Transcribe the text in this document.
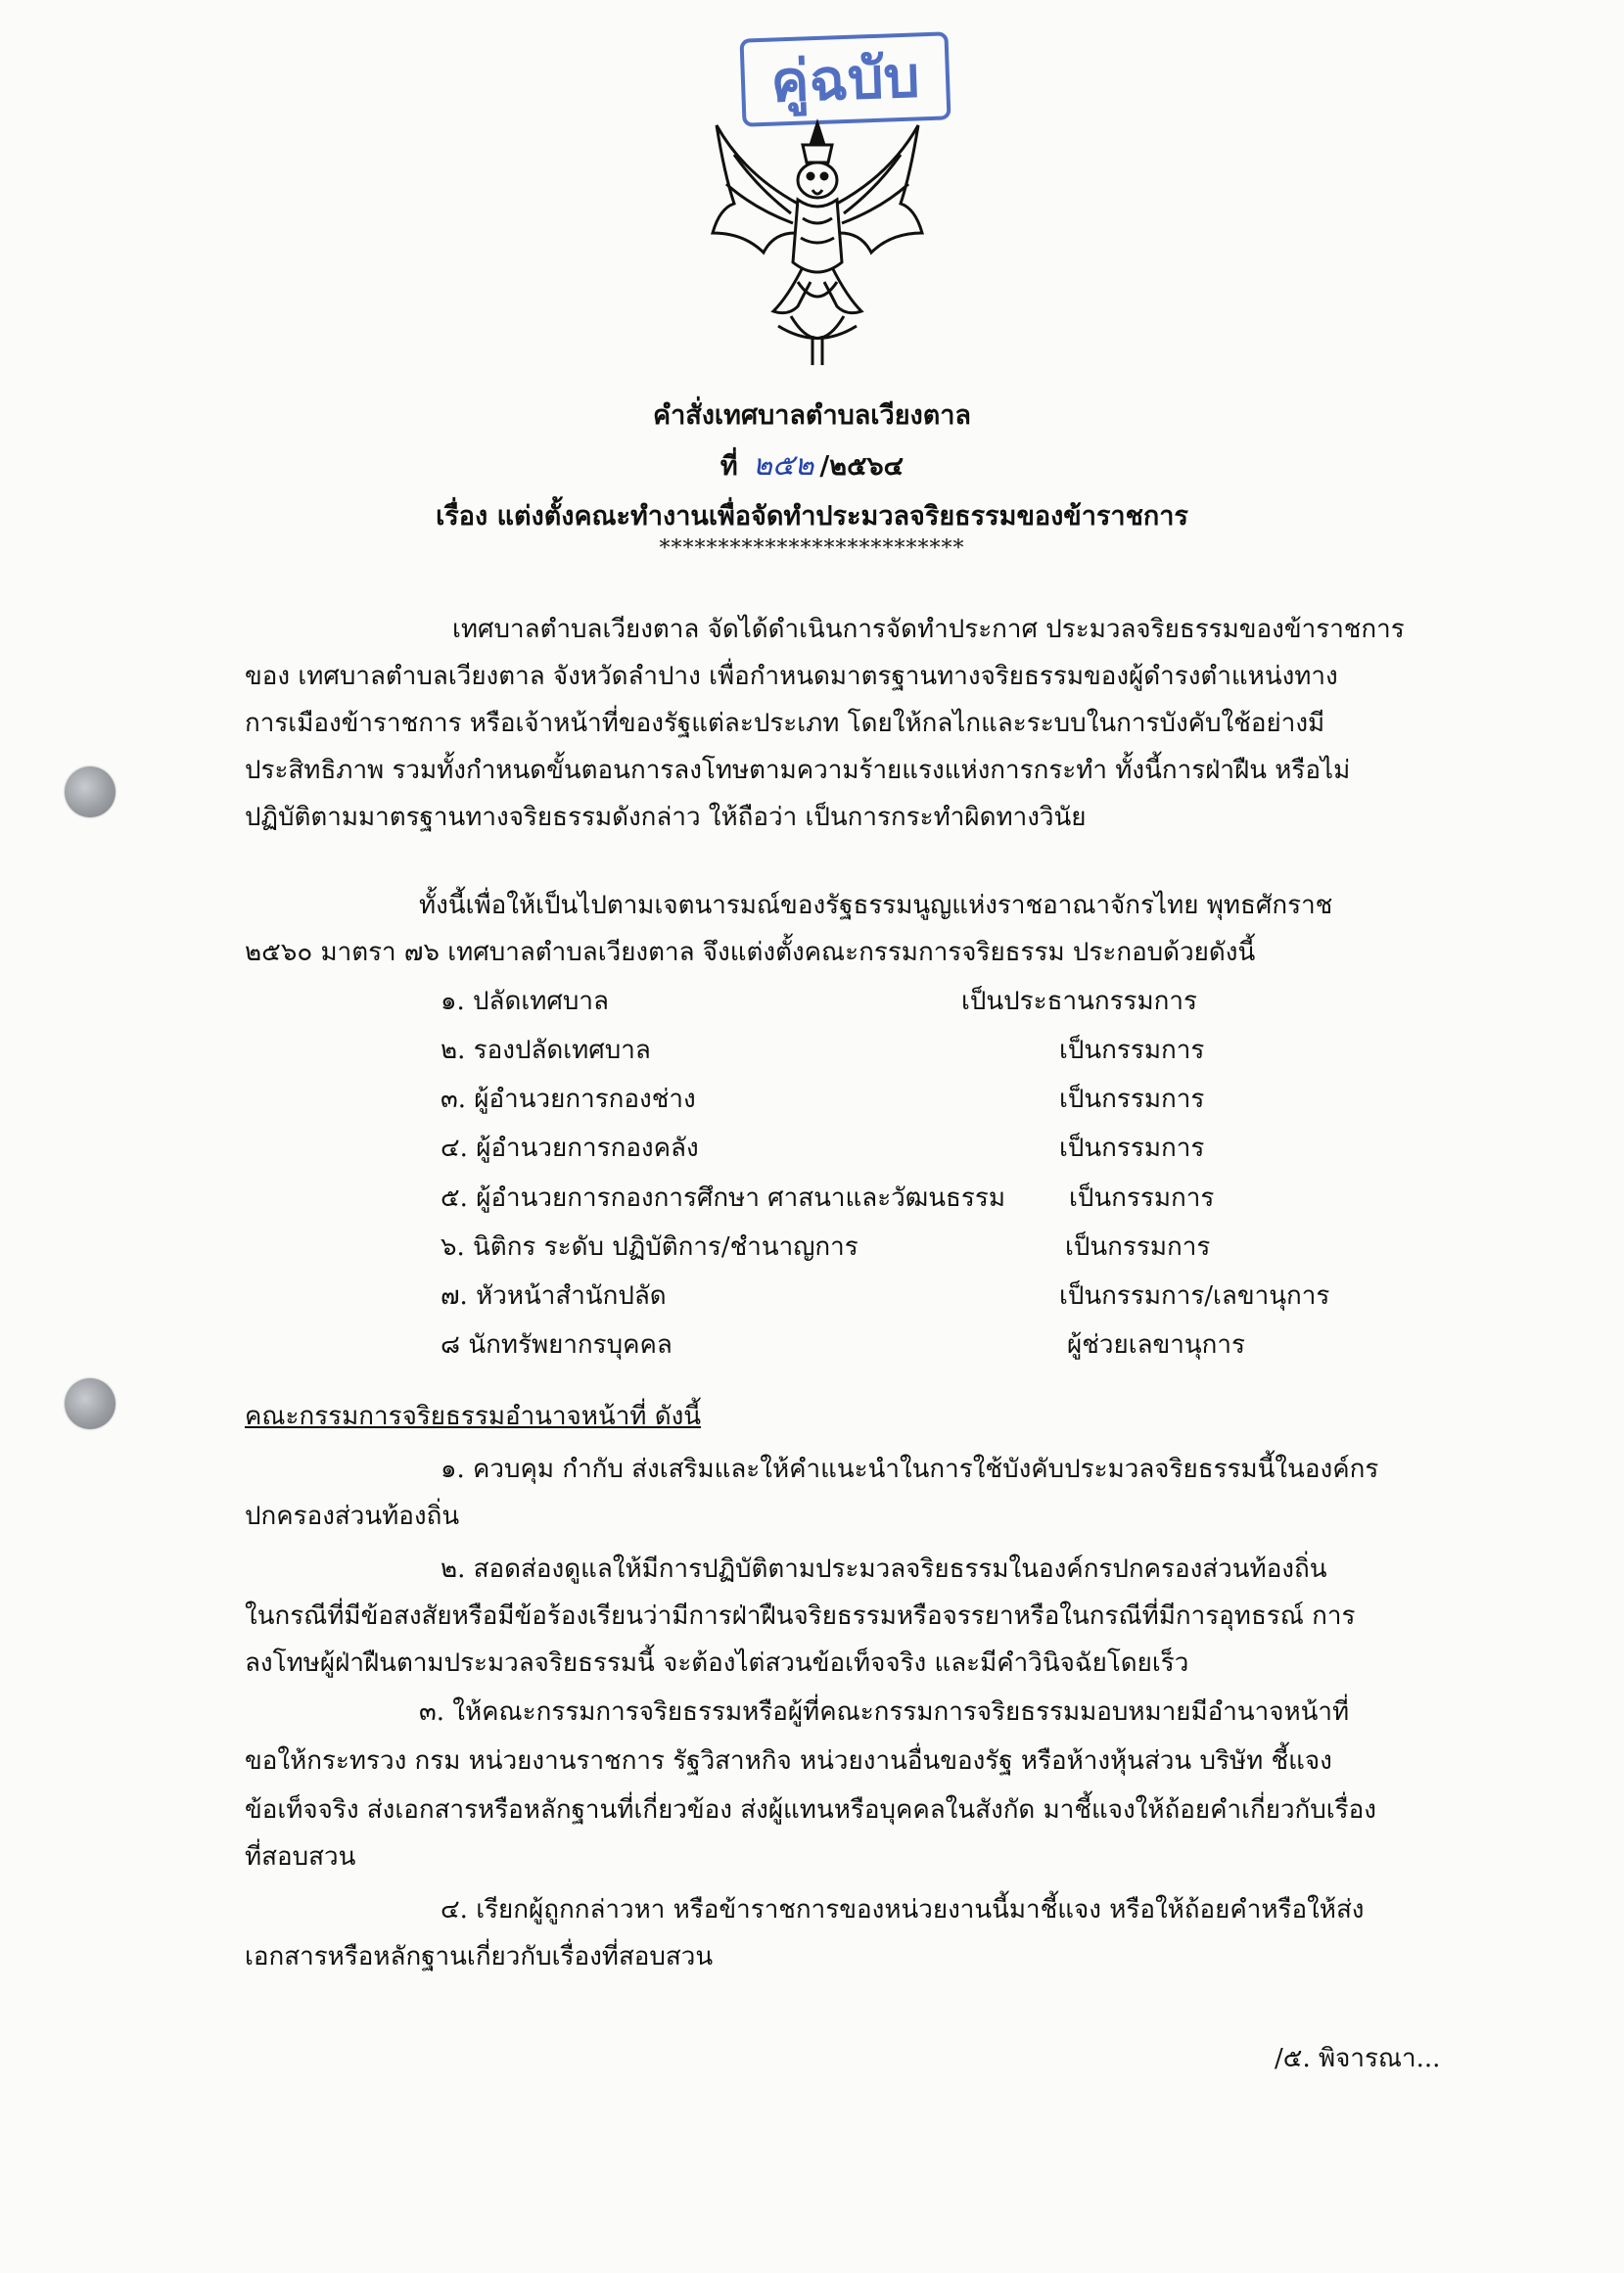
คู่ฉบับ
คำสั่งเทศบาลตำบลเวียงตาล
ที่ ๒๕๒ /๒๕๖๔
เรื่อง แต่งตั้งคณะทำงานเพื่อจัดทำประมวลจริยธรรมของข้าราชการ
**************************
เทศบาลตำบลเวียงตาล จัดได้ดำเนินการจัดทำประกาศ ประมวลจริยธรรมของข้าราชการ
ของ เทศบาลตำบลเวียงตาล จังหวัดลำปาง เพื่อกำหนดมาตรฐานทางจริยธรรมของผู้ดำรงตำแหน่งทาง
การเมืองข้าราชการ หรือเจ้าหน้าที่ของรัฐแต่ละประเภท โดยให้กลไกและระบบในการบังคับใช้อย่างมี
ประสิทธิภาพ รวมทั้งกำหนดขั้นตอนการลงโทษตามความร้ายแรงแห่งการกระทำ ทั้งนี้การฝ่าฝืน หรือไม่
ปฏิบัติตามมาตรฐานทางจริยธรรมดังกล่าว ให้ถือว่า เป็นการกระทำผิดทางวินัย
ทั้งนี้เพื่อให้เป็นไปตามเจตนารมณ์ของรัฐธรรมนูญแห่งราชอาณาจักรไทย พุทธศักราช
๒๕๖๐ มาตรา ๗๖ เทศบาลตำบลเวียงตาล จึงแต่งตั้งคณะกรรมการจริยธรรม ประกอบด้วยดังนี้
๑. ปลัดเทศบาล	เป็นประธานกรรมการ
๒. รองปลัดเทศบาล	เป็นกรรมการ
๓. ผู้อำนวยการกองช่าง	เป็นกรรมการ
๔. ผู้อำนวยการกองคลัง	เป็นกรรมการ
๕. ผู้อำนวยการกองการศึกษา ศาสนาและวัฒนธรรม	เป็นกรรมการ
๖. นิติกร ระดับ ปฏิบัติการ/ชำนาญการ	เป็นกรรมการ
๗. หัวหน้าสำนักปลัด	เป็นกรรมการ/เลขานุการ
๘ นักทรัพยากรบุคคล	ผู้ช่วยเลขานุการ
คณะกรรมการจริยธรรมอำนาจหน้าที่ ดังนี้
๑. ควบคุม กำกับ ส่งเสริมและให้คำแนะนำในการใช้บังคับประมวลจริยธรรมนี้ในองค์กร
ปกครองส่วนท้องถิ่น
๒. สอดส่องดูแลให้มีการปฏิบัติตามประมวลจริยธรรมในองค์กรปกครองส่วนท้องถิ่น
ในกรณีที่มีข้อสงสัยหรือมีข้อร้องเรียนว่ามีการฝ่าฝืนจริยธรรมหรือจรรยาหรือในกรณีที่มีการอุทธรณ์ การ
ลงโทษผู้ฝ่าฝืนตามประมวลจริยธรรมนี้ จะต้องไต่สวนข้อเท็จจริง และมีคำวินิจฉัยโดยเร็ว
๓. ให้คณะกรรมการจริยธรรมหรือผู้ที่คณะกรรมการจริยธรรมมอบหมายมีอำนาจหน้าที่
ขอให้กระทรวง กรม หน่วยงานราชการ รัฐวิสาหกิจ หน่วยงานอื่นของรัฐ หรือห้างหุ้นส่วน บริษัท ชี้แจง
ข้อเท็จจริง ส่งเอกสารหรือหลักฐานที่เกี่ยวข้อง ส่งผู้แทนหรือบุคคลในสังกัด มาชี้แจงให้ถ้อยคำเกี่ยวกับเรื่อง
ที่สอบสวน
๔. เรียกผู้ถูกกล่าวหา หรือข้าราชการของหน่วยงานนี้มาชี้แจง หรือให้ถ้อยคำหรือให้ส่ง
เอกสารหรือหลักฐานเกี่ยวกับเรื่องที่สอบสวน
/๕. พิจารณา...
